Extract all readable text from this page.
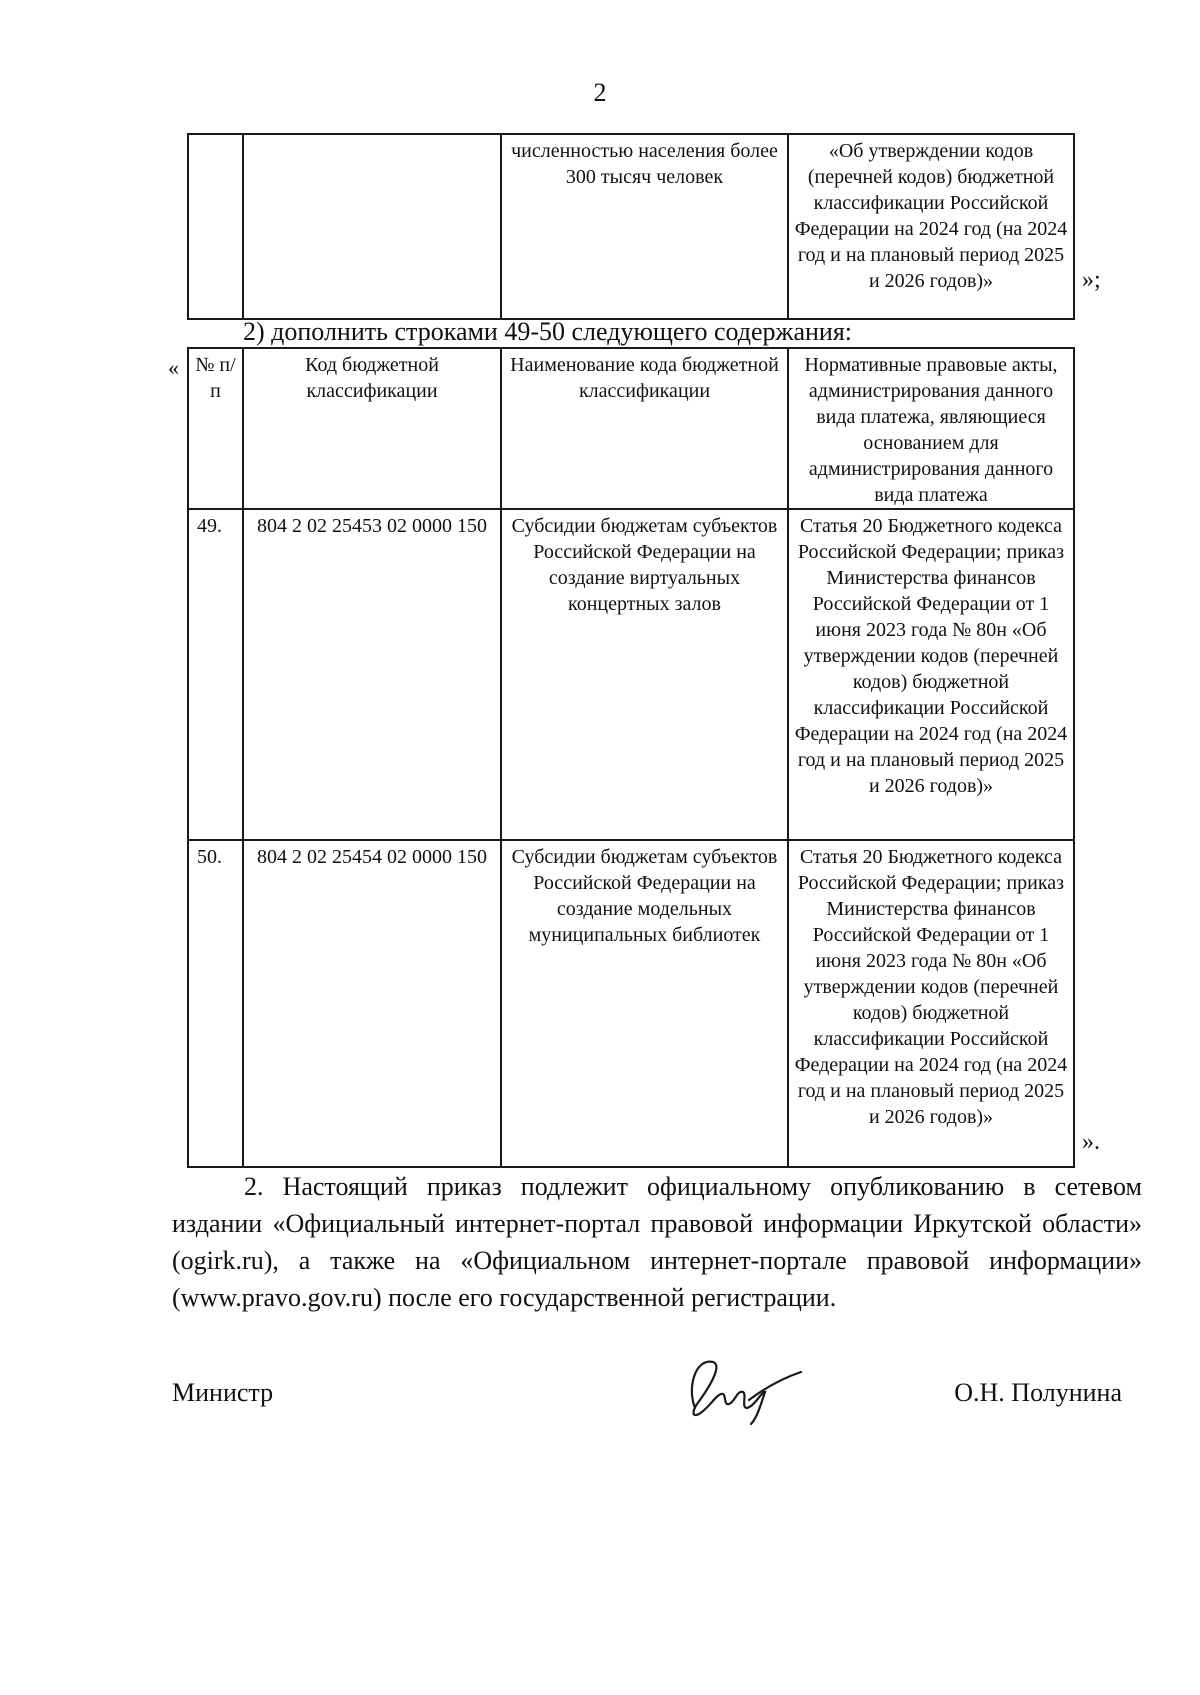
2
		численностью населения более 300 тысяч человек	«Об утверждении кодов (перечней кодов) бюджетной классификации Российской Федерации на 2024 год (на 2024 год и на плановый период 2025 и 2026 годов)»	»;
2) дополнить строками 49-50 следующего содержания:
« № п/п	Код бюджетной классификации	Наименование кода бюджетной классификации	Нормативные правовые акты, администрирования данного вида платежа, являющиеся основанием для администрирования данного вида платежа
49.	804 2 02 25453 02 0000 150	Субсидии бюджетам субъектов Российской Федерации на создание виртуальных концертных залов	Статья 20 Бюджетного кодекса Российской Федерации; приказ Министерства финансов Российской Федерации от 1 июня 2023 года № 80н «Об утверждении кодов (перечней кодов) бюджетной классификации Российской Федерации на 2024 год (на 2024 год и на плановый период 2025 и 2026 годов)»
50.	804 2 02 25454 02 0000 150	Субсидии бюджетам субъектов Российской Федерации на создание модельных муниципальных библиотек	Статья 20 Бюджетного кодекса Российской Федерации; приказ Министерства финансов Российской Федерации от 1 июня 2023 года № 80н «Об утверждении кодов (перечней кодов) бюджетной классификации Российской Федерации на 2024 год (на 2024 год и на плановый период 2025 и 2026 годов)»
».
2. Настоящий приказ подлежит официальному опубликованию в сетевом издании «Официальный интернет-портал правовой информации Иркутской области» (ogirk.ru), а также на «Официальном интернет-портале правовой информации» (www.pravo.gov.ru) после его государственной регистрации.
Министр	О.Н. Полунина
